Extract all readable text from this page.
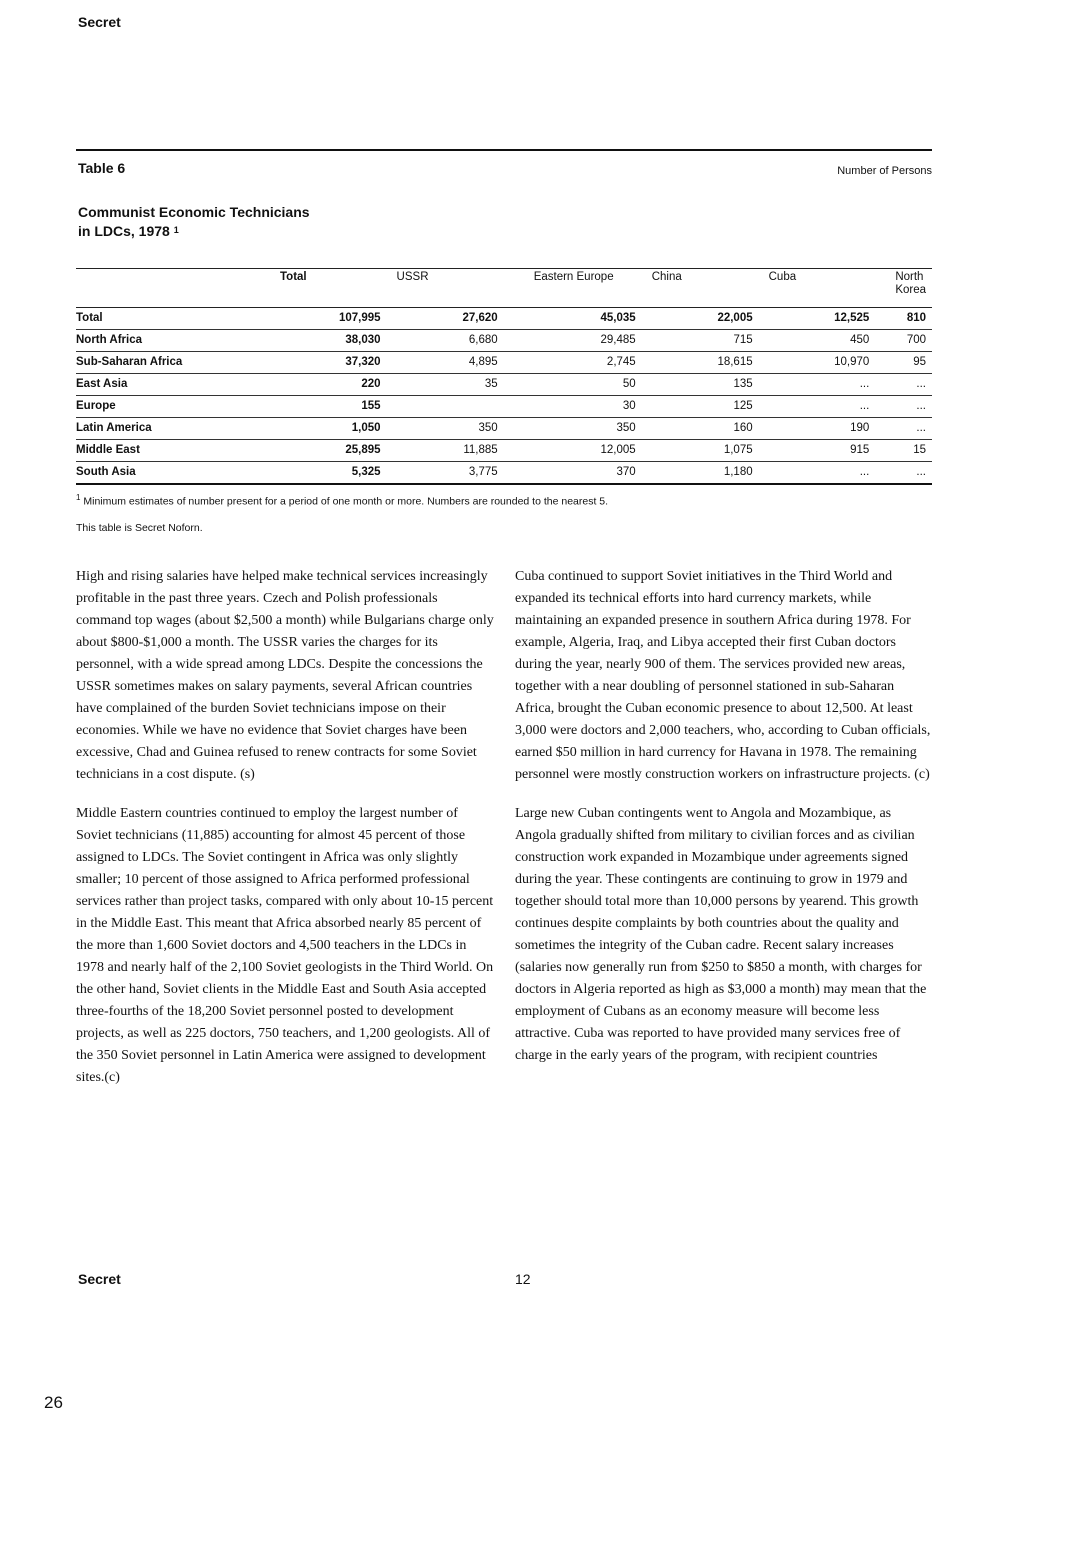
Secret
Table 6	Number of Persons
Communist Economic Technicians
in LDCs, 1978 $^1$
	Total	USSR	Eastern Europe	China	Cuba	North Korea
Total	107,995	27,620	45,035	22,005	12,525	810
North Africa	38,030	6,680	29,485	715	450	700
Sub-Saharan Africa	37,320	4,895	2,745	18,615	10,970	95
East Asia	220	35	50	135	...	...
Europe	155		30	125	...	...
Latin America	1,050	350	350	160	190	...
Middle East	25,895	11,885	12,005	1,075	915	15
South Asia	5,325	3,775	370	1,180	...	...
$^1$ Minimum estimates of number present for a period of one month or more. Numbers are rounded to the nearest 5.
This table is Secret Noforn.

High and rising salaries have helped make technical services increasingly profitable in the past three years. Czech and Polish professionals command top wages (about $2,500 a month) while Bulgarians charge only about $800-$1,000 a month. The USSR varies the charges for its personnel, with a wide spread among LDCs. Despite the concessions the USSR sometimes makes on salary payments, several African countries have complained of the burden Soviet technicians impose on their economies. While we have no evidence that Soviet charges have been excessive, Chad and Guinea refused to renew contracts for some Soviet technicians in a cost dispute. (s)

Middle Eastern countries continued to employ the largest number of Soviet technicians (11,885) accounting for almost 45 percent of those assigned to LDCs. The Soviet contingent in Africa was only slightly smaller; 10 percent of those assigned to Africa performed professional services rather than project tasks, compared with only about 10-15 percent in the Middle East. This meant that Africa absorbed nearly 85 percent of the more than 1,600 Soviet doctors and 4,500 teachers in the LDCs in 1978 and nearly half of the 2,100 Soviet geologists in the Third World. On the other hand, Soviet clients in the Middle East and South Asia accepted three-fourths of the 18,200 Soviet personnel posted to development projects, as well as 225 doctors, 750 teachers, and 1,200 geologists. All of the 350 Soviet personnel in Latin America were assigned to development sites.(c)

Cuba continued to support Soviet initiatives in the Third World and expanded its technical efforts into hard currency markets, while maintaining an expanded presence in southern Africa during 1978. For example, Algeria, Iraq, and Libya accepted their first Cuban doctors during the year, nearly 900 of them. The services provided new areas, together with a near doubling of personnel stationed in sub-Saharan Africa, brought the Cuban economic presence to about 12,500. At least 3,000 were doctors and 2,000 teachers, who, according to Cuban officials, earned $50 million in hard currency for Havana in 1978. The remaining personnel were mostly construction workers on infrastructure projects. (c)

Large new Cuban contingents went to Angola and Mozambique, as Angola gradually shifted from military to civilian forces and as civilian construction work expanded in Mozambique under agreements signed during the year. These contingents are continuing to grow in 1979 and together should total more than 10,000 persons by yearend. This growth continues despite complaints by both countries about the quality and sometimes the integrity of the Cuban cadre. Recent salary increases (salaries now generally run from $250 to $850 a month, with charges for doctors in Algeria reported as high as $3,000 a month) may mean that the employment of Cubans as an economy measure will become less attractive. Cuba was reported to have provided many services free of charge in the early years of the program, with recipient countries

Secret	12
26
